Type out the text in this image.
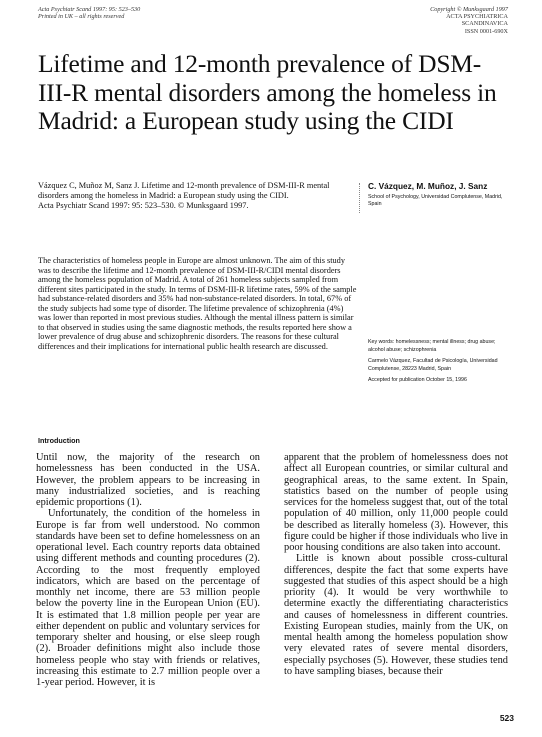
Acta Psychiatr Scand 1997: 95: 523–530
Printed in UK – all rights reserved
Copyright © Munksgaard 1997
ACTA PSYCHIATRICA
SCANDINAVICA
ISSN 0001-690X
Lifetime and 12-month prevalence of DSM-III-R mental disorders among the homeless in Madrid: a European study using the CIDI
Vázquez C, Muñoz M, Sanz J. Lifetime and 12-month prevalence of DSM-III-R mental disorders among the homeless in Madrid: a European study using the CIDI.
Acta Psychiatr Scand 1997: 95: 523–530. © Munksgaard 1997.
C. Vázquez, M. Muñoz, J. Sanz
School of Psychology, Universidad Complutense, Madrid, Spain
The characteristics of homeless people in Europe are almost unknown. The aim of this study was to describe the lifetime and 12-month prevalence of DSM-III-R/CIDI mental disorders among the homeless population of Madrid. A total of 261 homeless subjects sampled from different sites participated in the study. In terms of DSM-III-R lifetime rates, 59% of the sample had substance-related disorders and 35% had non-substance-related disorders. In total, 67% of the study subjects had some type of disorder. The lifetime prevalence of schizophrenia (4%) was lower than reported in most previous studies. Although the mental illness pattern is similar to that observed in studies using the same diagnostic methods, the results reported here show a lower prevalence of drug abuse and schizophrenic disorders. The reasons for these cultural differences and their implications for international public health research are discussed.	Key words: homelessness; mental illness; drug abuse; alcohol abuse; schizophrenia

Carmelo Vázquez, Facultad de Psicología, Universidad Complutense, 28223 Madrid, Spain

Accepted for publication October 15, 1996

Introduction

Until now, the majority of the research on homelessness has been conducted in the USA. However, the problem appears to be increasing in many industrialized societies, and is reaching epidemic proportions (1).

Unfortunately, the condition of the homeless in Europe is far from well understood. No common standards have been set to define homelessness on an operational level. Each country reports data obtained using different methods and counting procedures (2). According to the most frequently employed indicators, which are based on the percentage of monthly net income, there are 53 million people below the poverty line in the European Union (EU). It is estimated that 1.8 million people per year are either dependent on public and voluntary services for temporary shelter and housing, or else sleep rough (2). Broader definitions might also include those homeless people who stay with friends or relatives, increasing this estimate to 2.7 million people over a 1-year period. However, it is

apparent that the problem of homelessness does not affect all European countries, or similar cultural and geographical areas, to the same extent. In Spain, statistics based on the number of people using services for the homeless suggest that, out of the total population of 40 million, only 11,000 people could be described as literally homeless (3). However, this figure could be higher if those individuals who live in poor housing conditions are also taken into account.

Little is known about possible cross-cultural differences, despite the fact that some experts have suggested that studies of this aspect should be a high priority (4). It would be very worthwhile to determine exactly the differentiating characteristics and causes of homelessness in different countries. Existing European studies, mainly from the UK, on mental health among the homeless population show very elevated rates of severe mental disorders, especially psychoses (5). However, these studies tend to have sampling biases, because their

523
